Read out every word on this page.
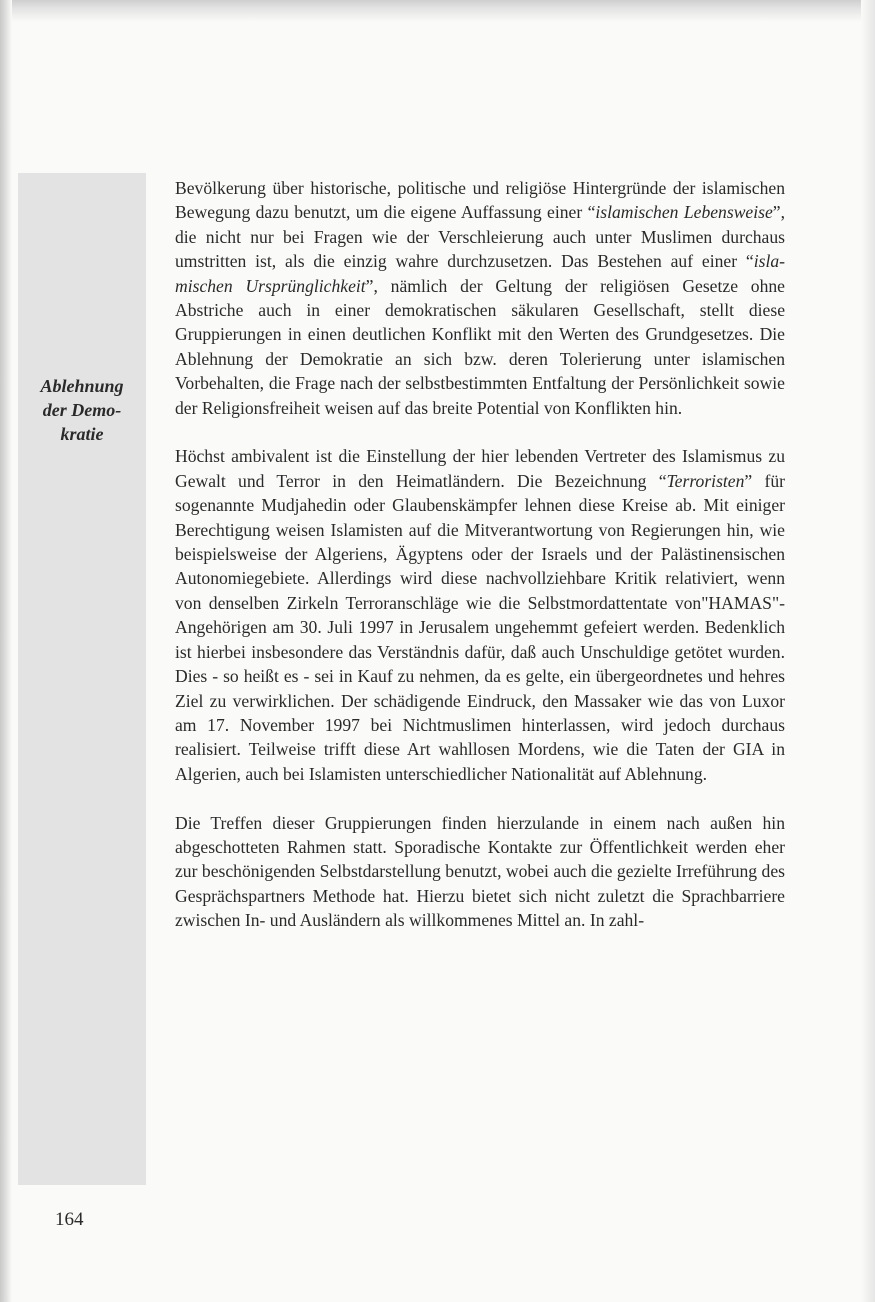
Ablehnung
der Demo-
kratie

Bevölkerung über historische, politische und religiöse Hintergründe der islamischen Bewegung dazu benutzt, um die eigene Auffassung einer “islamischen Lebensweise”, die nicht nur bei Fragen wie der Verschleierung auch unter Muslimen durchaus umstritten ist, als die einzig wahre durchzusetzen. Das Bestehen auf einer “islamischen Ursprünglichkeit”, nämlich der Geltung der religiösen Gesetze ohne Abstriche auch in einer demokratischen säkularen Gesellschaft, stellt diese Gruppierungen in einen deutlichen Konflikt mit den Werten des Grundgesetzes. Die Ablehnung der Demokratie an sich bzw. deren Tolerierung unter islamischen Vorbehalten, die Frage nach der selbstbestimmten Entfaltung der Persönlichkeit sowie der Religionsfreiheit weisen auf das breite Potential von Konflikten hin.

Höchst ambivalent ist die Einstellung der hier lebenden Vertreter des Islamismus zu Gewalt und Terror in den Heimatländern. Die Bezeichnung “Terroristen” für sogenannte Mudjahedin oder Glaubenskämpfer lehnen diese Kreise ab. Mit einiger Berechtigung weisen Islamisten auf die Mitverantwortung von Regierungen hin, wie beispielsweise der Algeriens, Ägyptens oder der Israels und der Palästinensischen Autonomiegebiete. Allerdings wird diese nachvollziehbare Kritik relativiert, wenn von denselben Zirkeln Terroranschläge wie die Selbstmordattentate von"HAMAS"-Angehörigen am 30. Juli 1997 in Jerusalem ungehemmt gefeiert werden. Bedenklich ist hierbei insbesondere das Verständnis dafür, daß auch Unschuldige getötet wurden. Dies - so heißt es - sei in Kauf zu nehmen, da es gelte, ein übergeordnetes und hehres Ziel zu verwirklichen. Der schädigende Eindruck, den Massaker wie das von Luxor am 17. November 1997 bei Nichtmuslimen hinterlassen, wird jedoch durchaus realisiert. Teilweise trifft diese Art wahllosen Mordens, wie die Taten der GIA in Algerien, auch bei Islamisten unterschiedlicher Nationalität auf Ablehnung.

Die Treffen dieser Gruppierungen finden hierzulande in einem nach außen hin abgeschotteten Rahmen statt. Sporadische Kontakte zur Öffentlichkeit werden eher zur beschönigenden Selbstdarstellung benutzt, wobei auch die gezielte Irreführung des Gesprächspartners Methode hat. Hierzu bietet sich nicht zuletzt die Sprachbarriere zwischen In- und Ausländern als willkommenes Mittel an. In zahl-

164
